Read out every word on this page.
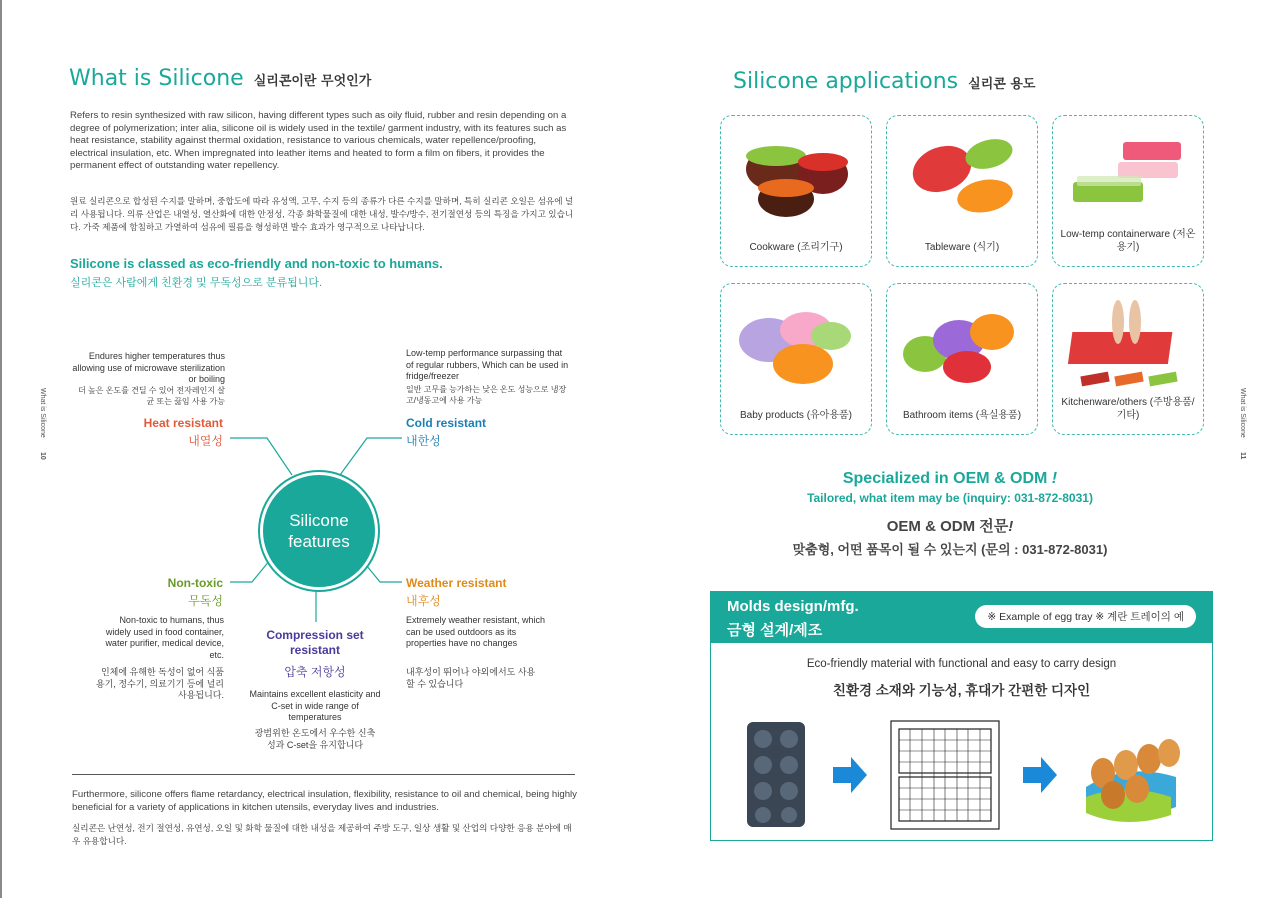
What is Silicone 실리콘이란 무엇인가
Refers to resin synthesized with raw silicon, having different types such as oily fluid, rubber and resin depending on a degree of polymerization; inter alia, silicone oil is widely used in the textile/ garment industry, with its features such as heat resistance, stability against thermal oxidation, resistance to various chemicals, water repellence/proofing, electrical insulation, etc. When impregnated into leather items and heated to form a film on fibers, it provides the permanent effect of outstanding water repellency.
원료 실리콘으로 합성된 수지를 말하며, 중합도에 따라 유성액, 고무, 수지 등의 종류가 다른 수지를 말하며, 특히 실리콘 오일은 섬유에 널리 사용됩니다. 의류 산업은 내열성, 열산화에 대한 안정성, 각종 화학물질에 대한 내성, 발수/방수, 전기절연성 등의 특징을 가지고 있습니다. 가죽 제품에 함침하고 가열하여 섬유에 필름을 형성하면 발수 효과가 영구적으로 나타납니다.
Silicone is classed as eco-friendly and non-toxic to humans.
실리콘은 사람에게 친환경 및 무독성으로 분류됩니다.
Silicone
features
Endures higher temperatures thus allowing use of microwave sterilization or boiling
더 높은 온도를 견딜 수 있어 전자레인지 살균 또는 끓임 사용 가능
Heat resistant
내열성
Low-temp performance surpassing that of regular rubbers, Which can be used in fridge/freezer
일반 고무를 능가하는 낮은 온도 성능으로 냉장고/냉동고에 사용 가능
Cold resistant
내한성
Non-toxic
무독성
Non-toxic to humans, thus widely used in food container, water purifier, medical device, etc.
인체에 유해한 독성이 없어 식품 용기, 정수기, 의료기기 등에 널리 사용됩니다.
Weather resistant
내후성
Extremely weather resistant, which can be used outdoors as its properties have no changes
내후성이 뛰어나 야외에서도 사용할 수 있습니다
Compression set resistant
압축 저항성
Maintains excellent elasticity and C-set in wide range of temperatures
광범위한 온도에서 우수한 신축성과 C-set을 유지합니다
Furthermore, silicone offers flame retardancy, electrical insulation, flexibility, resistance to oil and chemical, being highly beneficial for a variety of applications in kitchen utensils, everyday lives and industries.
실리콘은 난연성, 전기 절연성, 유연성, 오일 및 화학 물질에 대한 내성을 제공하여 주방 도구, 일상 생활 및 산업의 다양한 응용 분야에 매우 유용합니다.
What is Silicone
10
Silicone applications 실리콘 용도
Cookware (조리기구)	Tableware (식기)
Low-temp containerware (저온용기)
Baby products (유아용품)	Bathroom items (욕실용품)
Kitchenware/others (주방용품/기타)
Specialized in OEM & ODM !
Tailored, what item may be (inquiry: 031-872-8031)
OEM & ODM 전문!
맞춤형, 어떤 품목이 될 수 있는지 (문의 : 031-872-8031)
What is Silicone
11
Molds design/mfg.
금형 설계/제조
※ Example of egg tray ※ 계란 트레이의 예
Eco-friendly material with functional and easy to carry design
친환경 소재와 기능성, 휴대가 간편한 디자인
